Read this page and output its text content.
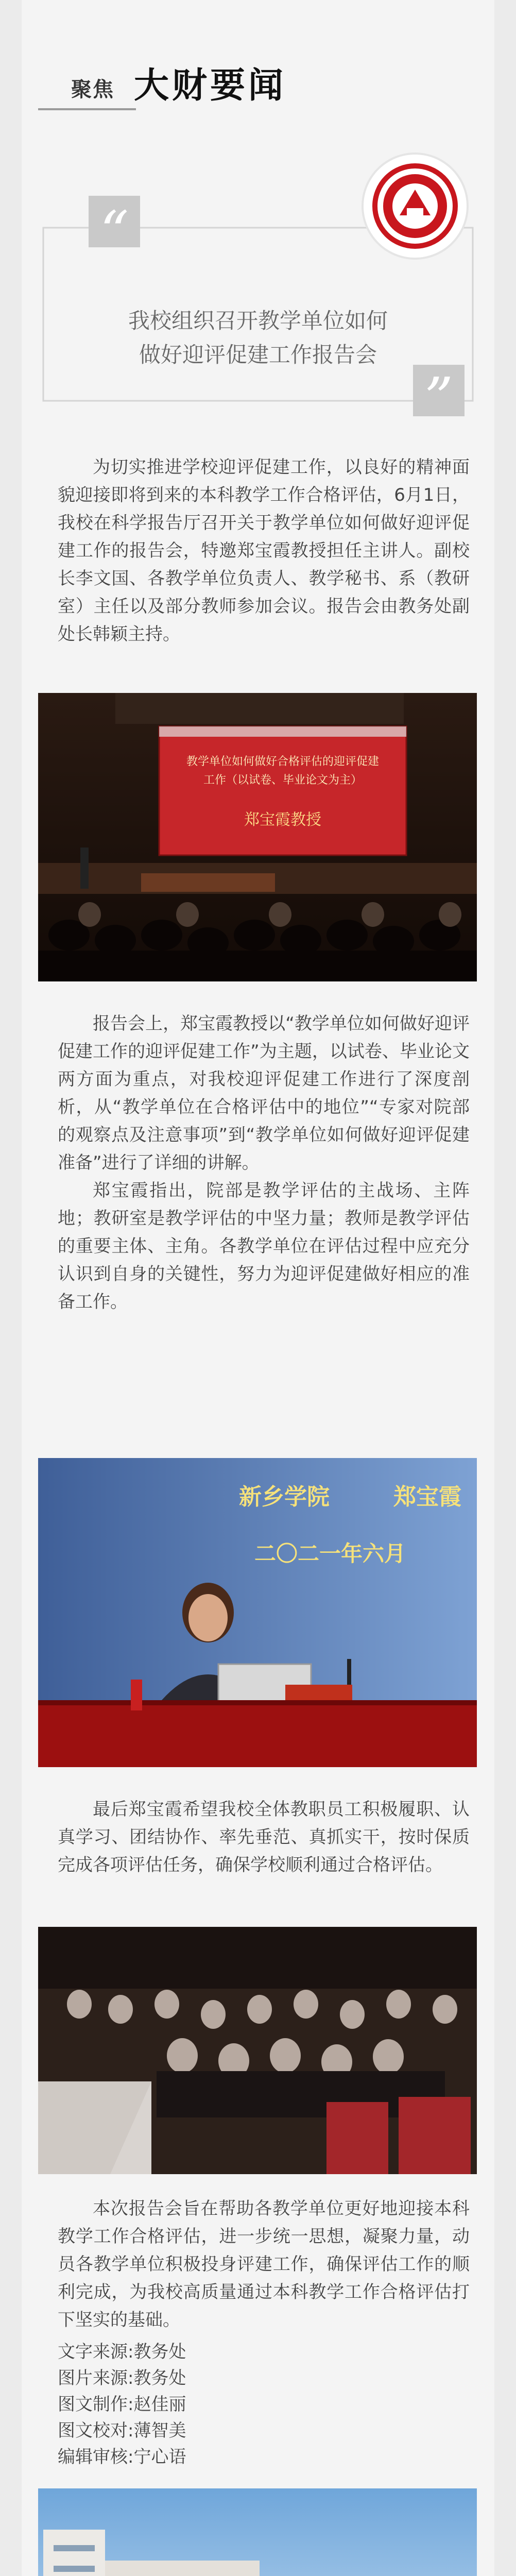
聚焦 大财要闻
“
”
我校组织召开教学单位如何
做好迎评促建工作报告会
· · · · · · · ·

为切实推进学校迎评促建工作，以良好的精神面貌迎接即将到来的本科教学工作合格评估，6月1日，我校在科学报告厅召开关于教学单位如何做好迎评促建工作的报告会，特邀郑宝霞教授担任主讲人。副校长李文国、各教学单位负责人、教学秘书、系（教研室）主任以及部分教师参加会议。报告会由教务处副处长韩颖主持。

教学单位如何做好合格评估的迎评促建
工作（以试卷、毕业论文为主）
郑宝霞教授

报告会上，郑宝霞教授以“教学单位如何做好迎评促建工作的迎评促建工作”为主题，以试卷、毕业论文两方面为重点，对我校迎评促建工作进行了深度剖析，从“教学单位在合格评估中的地位”“专家对院部的观察点及注意事项”到“教学单位如何做好迎评促建准备”进行了详细的讲解。

郑宝霞指出，院部是教学评估的主战场、主阵地；教研室是教学评估的中坚力量；教师是教学评估的重要主体、主角。各教学单位在评估过程中应充分认识到自身的关键性，努力为迎评促建做好相应的准备工作。

新乡学院	郑宝霞
二〇二一年六月

最后郑宝霞希望我校全体教职员工积极履职、认真学习、团结协作、率先垂范、真抓实干，按时保质完成各项评估任务，确保学校顺利通过合格评估。

本次报告会旨在帮助各教学单位更好地迎接本科教学工作合格评估，进一步统一思想，凝聚力量，动员各教学单位积极投身评建工作，确保评估工作的顺利完成，为我校高质量通过本科教学工作合格评估打下坚实的基础。

文字来源:教务处
图片来源:教务处
图文制作:赵佳丽
图文校对:薄智美
编辑审核:宁心语
